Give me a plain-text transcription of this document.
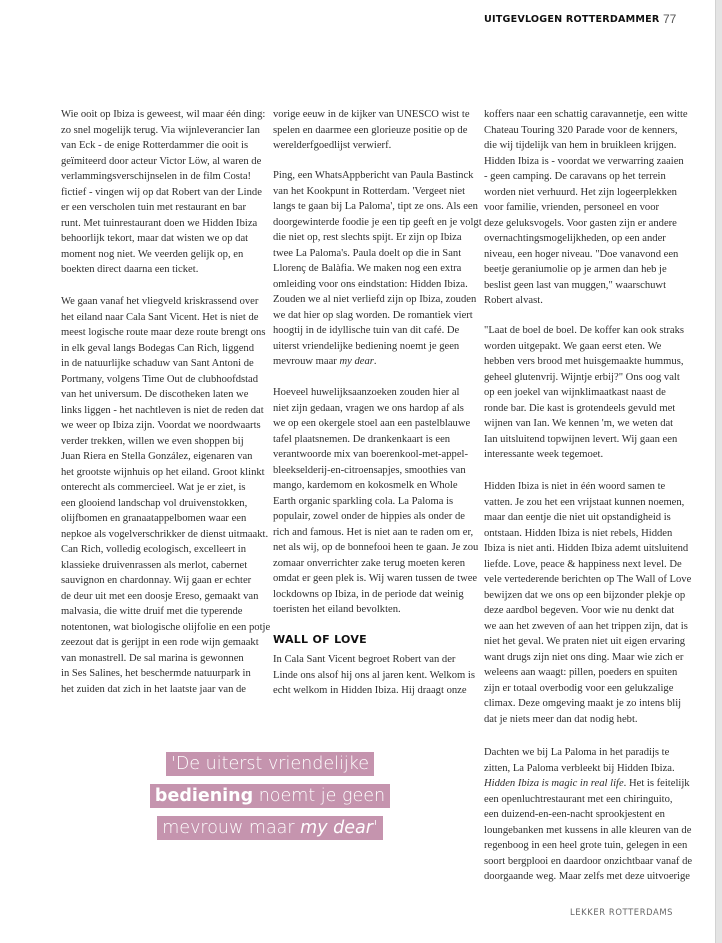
UITGEVLOGEN ROTTERDAMMER 77
Wie ooit op Ibiza is geweest, wil maar één ding:
zo snel mogelijk terug. Via wijnleverancier Ian
van Eck - de enige Rotterdammer die ooit is
geïmiteerd door acteur Victor Löw, al waren de
verlammingsverschijnselen in de film Costa!
fictief - vingen wij op dat Robert van der Linde
er een verscholen tuin met restaurant en bar
runt. Met tuinrestaurant doen we Hidden Ibiza
behoorlijk tekort, maar dat wisten we op dat
moment nog niet. We veerden gelijk op, en
boekten direct daarna een ticket.
We gaan vanaf het vliegveld kriskrassend over
het eiland naar Cala Sant Vicent. Het is niet de
meest logische route maar deze route brengt ons
in elk geval langs Bodegas Can Rich, liggend
in de natuurlijke schaduw van Sant Antoni de
Portmany, volgens Time Out de clubhoofdstad
van het universum. De discotheken laten we
links liggen - het nachtleven is niet de reden dat
we weer op Ibiza zijn. Voordat we noordwaarts
verder trekken, willen we even shoppen bij
Juan Riera en Stella González, eigenaren van
het grootste wijnhuis op het eiland. Groot klinkt
onterecht als commercieel. Wat je er ziet, is
een glooiend landschap vol druivenstokken,
olijfbomen en granaatappelbomen waar een
nepkoe als vogelverschrikker de dienst uitmaakt.
Can Rich, volledig ecologisch, excelleert in
klassieke druivenrassen als merlot, cabernet
sauvignon en chardonnay. Wij gaan er echter
de deur uit met een doosje Ereso, gemaakt van
malvasia, die witte druif met die typerende
notentonen, wat biologische olijfolie en een potje
zeezout dat is gerijpt in een rode wijn gemaakt
van monastrell. De sal marina is gewonnen
in Ses Salines, het beschermde natuurpark in
het zuiden dat zich in het laatste jaar van de
vorige eeuw in de kijker van UNESCO wist te
spelen en daarmee een glorieuze positie op de
werelderfgoedlijst verwierf.
Ping, een WhatsAppbericht van Paula Bastinck
van het Kookpunt in Rotterdam. 'Vergeet niet
langs te gaan bij La Paloma', tipt ze ons. Als een
doorgewinterde foodie je een tip geeft en je volgt
die niet op, rest slechts spijt. Er zijn op Ibiza
twee La Paloma's. Paula doelt op die in Sant
Llorenç de Balàfia. We maken nog een extra
omleiding voor ons eindstation: Hidden Ibiza.
Zouden we al niet verliefd zijn op Ibiza, zouden
we dat hier op slag worden. De romantiek viert
hoogtij in de idyllische tuin van dit café. De
uiterst vriendelijke bediening noemt je geen
mevrouw maar my dear.
Hoeveel huwelijksaanzoeken zouden hier al
niet zijn gedaan, vragen we ons hardop af als
we op een okergele stoel aan een pastelblauwe
tafel plaatsnemen. De drankenkaart is een
verantwoorde mix van boerenkool-met-appel-
bleekselderij-en-citroensapjes, smoothies van
mango, kardemom en kokosmelk en Whole
Earth organic sparkling cola. La Paloma is
populair, zowel onder de hippies als onder de
rich and famous. Het is niet aan te raden om er,
net als wij, op de bonnefooi heen te gaan. Je zou
zomaar onverrichter zake terug moeten keren
omdat er geen plek is. Wij waren tussen de twee
lockdowns op Ibiza, in de periode dat weinig
toeristen het eiland bevolkten.
In Cala Sant Vicent begroet Robert van der
Linde ons alsof hij ons al jaren kent. Welkom is
echt welkom in Hidden Ibiza. Hij draagt onze
koffers naar een schattig caravannetje, een witte
Chateau Touring 320 Parade voor de kenners,
die wij tijdelijk van hem in bruikleen krijgen.
Hidden Ibiza is - voordat we verwarring zaaien
- geen camping. De caravans op het terrein
worden niet verhuurd. Het zijn logeerplekken
voor familie, vrienden, personeel en voor
deze geluksvogels. Voor gasten zijn er andere
overnachtingsmogelijkheden, op een ander
niveau, een hoger niveau. "Doe vanavond een
beetje geraniumolie op je armen dan heb je
beslist geen last van muggen," waarschuwt
Robert alvast.
"Laat de boel de boel. De koffer kan ook straks
worden uitgepakt. We gaan eerst eten. We
hebben vers brood met huisgemaakte hummus,
geheel glutenvrij. Wijntje erbij?" Ons oog valt
op een joekel van wijnklimaatkast naast de
ronde bar. Die kast is grotendeels gevuld met
wijnen van Ian. We kennen 'm, we weten dat
Ian uitsluitend topwijnen levert. Wij gaan een
interessante week tegemoet.
Hidden Ibiza is niet in één woord samen te
vatten. Je zou het een vrijstaat kunnen noemen,
maar dan eentje die niet uit opstandigheid is
ontstaan. Hidden Ibiza is niet rebels, Hidden
Ibiza is niet anti. Hidden Ibiza ademt uitsluitend
liefde. Love, peace & happiness next level. De
vele vertederende berichten op The Wall of Love
bewijzen dat we ons op een bijzonder plekje op
deze aardbol begeven. Voor wie nu denkt dat
we aan het zweven of aan het trippen zijn, dat is
niet het geval. We praten niet uit eigen ervaring
want drugs zijn niet ons ding. Maar wie zich er
weleens aan waagt: pillen, poeders en spuiten
zijn er totaal overbodig voor een gelukzalige
climax. Deze omgeving maakt je zo intens blij
dat je niets meer dan dat nodig hebt.
Dachten we bij La Paloma in het paradijs te
zitten, La Paloma verbleekt bij Hidden Ibiza.
Hidden Ibiza is magic in real life. Het is feitelijk
een openluchtrestaurant met een chiringuito,
een duizend-en-een-nacht sprookjestent en
loungebanken met kussens in alle kleuren van de
regenboog in een heel grote tuin, gelegen in een
soort bergplooi en daardoor onzichtbaar vanaf de
doorgaande weg. Maar zelfs met deze uitvoerige
WALL OF LOVE
'De uiterst vriendelijke
bediening noemt je geen
mevrouw maar my dear'
LEKKER ROTTERDAMS
